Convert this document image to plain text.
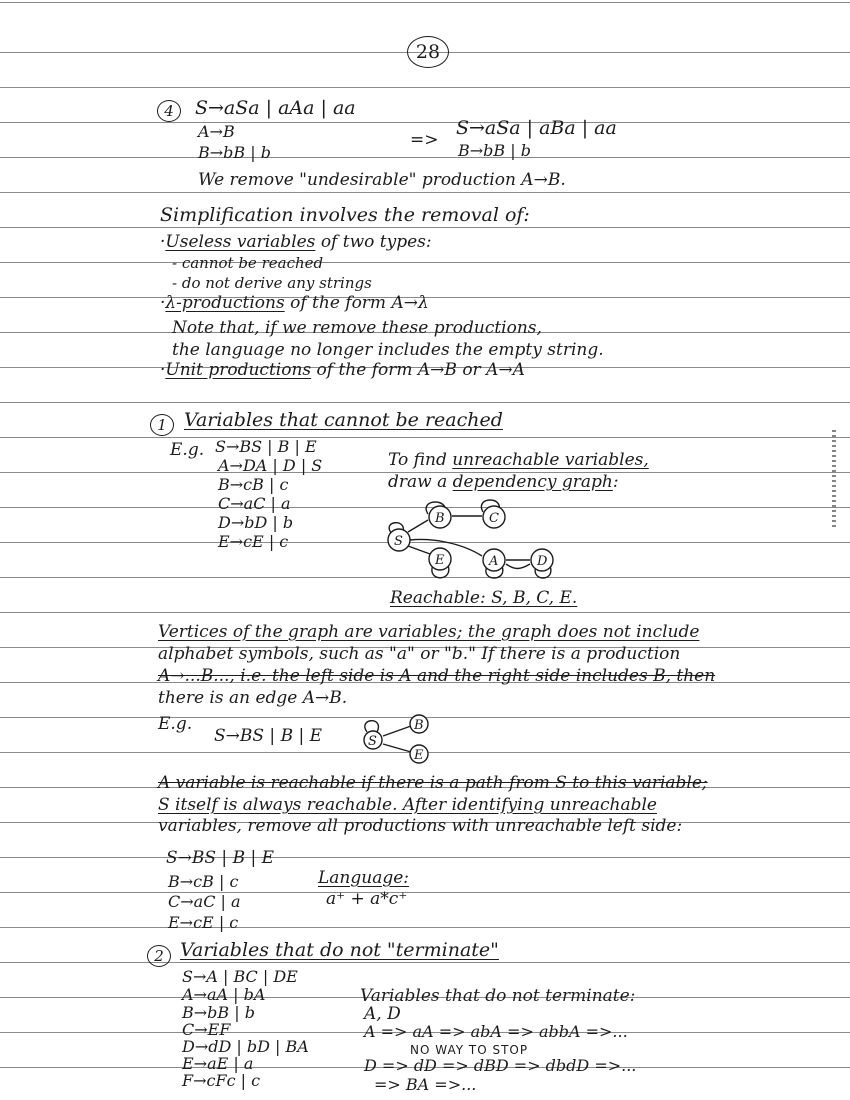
28
4	S→aSa | aAa | aa
A→B
B→bB | b
=>
S→aSa | aBa | aa
B→bB | b
We remove "undesirable" production A→B.
Simplification involves the removal of:
·Useless variables of two types:
- cannot be reached
- do not derive any strings
·λ-productions of the form A→λ
Note that, if we remove these productions,
the language no longer includes the empty string.
·Unit productions of the form A→B or A→A
1 Variables that cannot be reached
E.g. S→BS | B | E
A→DA | D | S
B→cB | c
C→aC | a
D→bD | b
E→cE | c
To find unreachable variables,
draw a dependency graph:
S
B	C
E	A	D
Reachable: S, B, C, E.
Vertices of the graph are variables; the graph does not include
alphabet symbols, such as "a" or "b." If there is a production
A→...B..., i.e. the left side is A and the right side includes B, then
there is an edge A→B.
E.g.
S→BS | B | E	S
B
E
A variable is reachable if there is a path from S to this variable;
S itself is always reachable. After identifying unreachable
variables, remove all productions with unreachable left side:
S→BS | B | E
B→cB | c
C→aC | a
E→cE | c
Language:
a⁺ + a*c⁺
2 Variables that do not "terminate"
S→A | BC | DE
A→aA | bA
B→bB | b
C→EF
D→dD | bD | BA
E→aE | a
F→cFc | c
Variables that do not terminate:
A, D
A => aA => abA => abbA =>...
NO WAY TO STOP
D => dD => dBD => dbdD =>...
=> BA =>...
